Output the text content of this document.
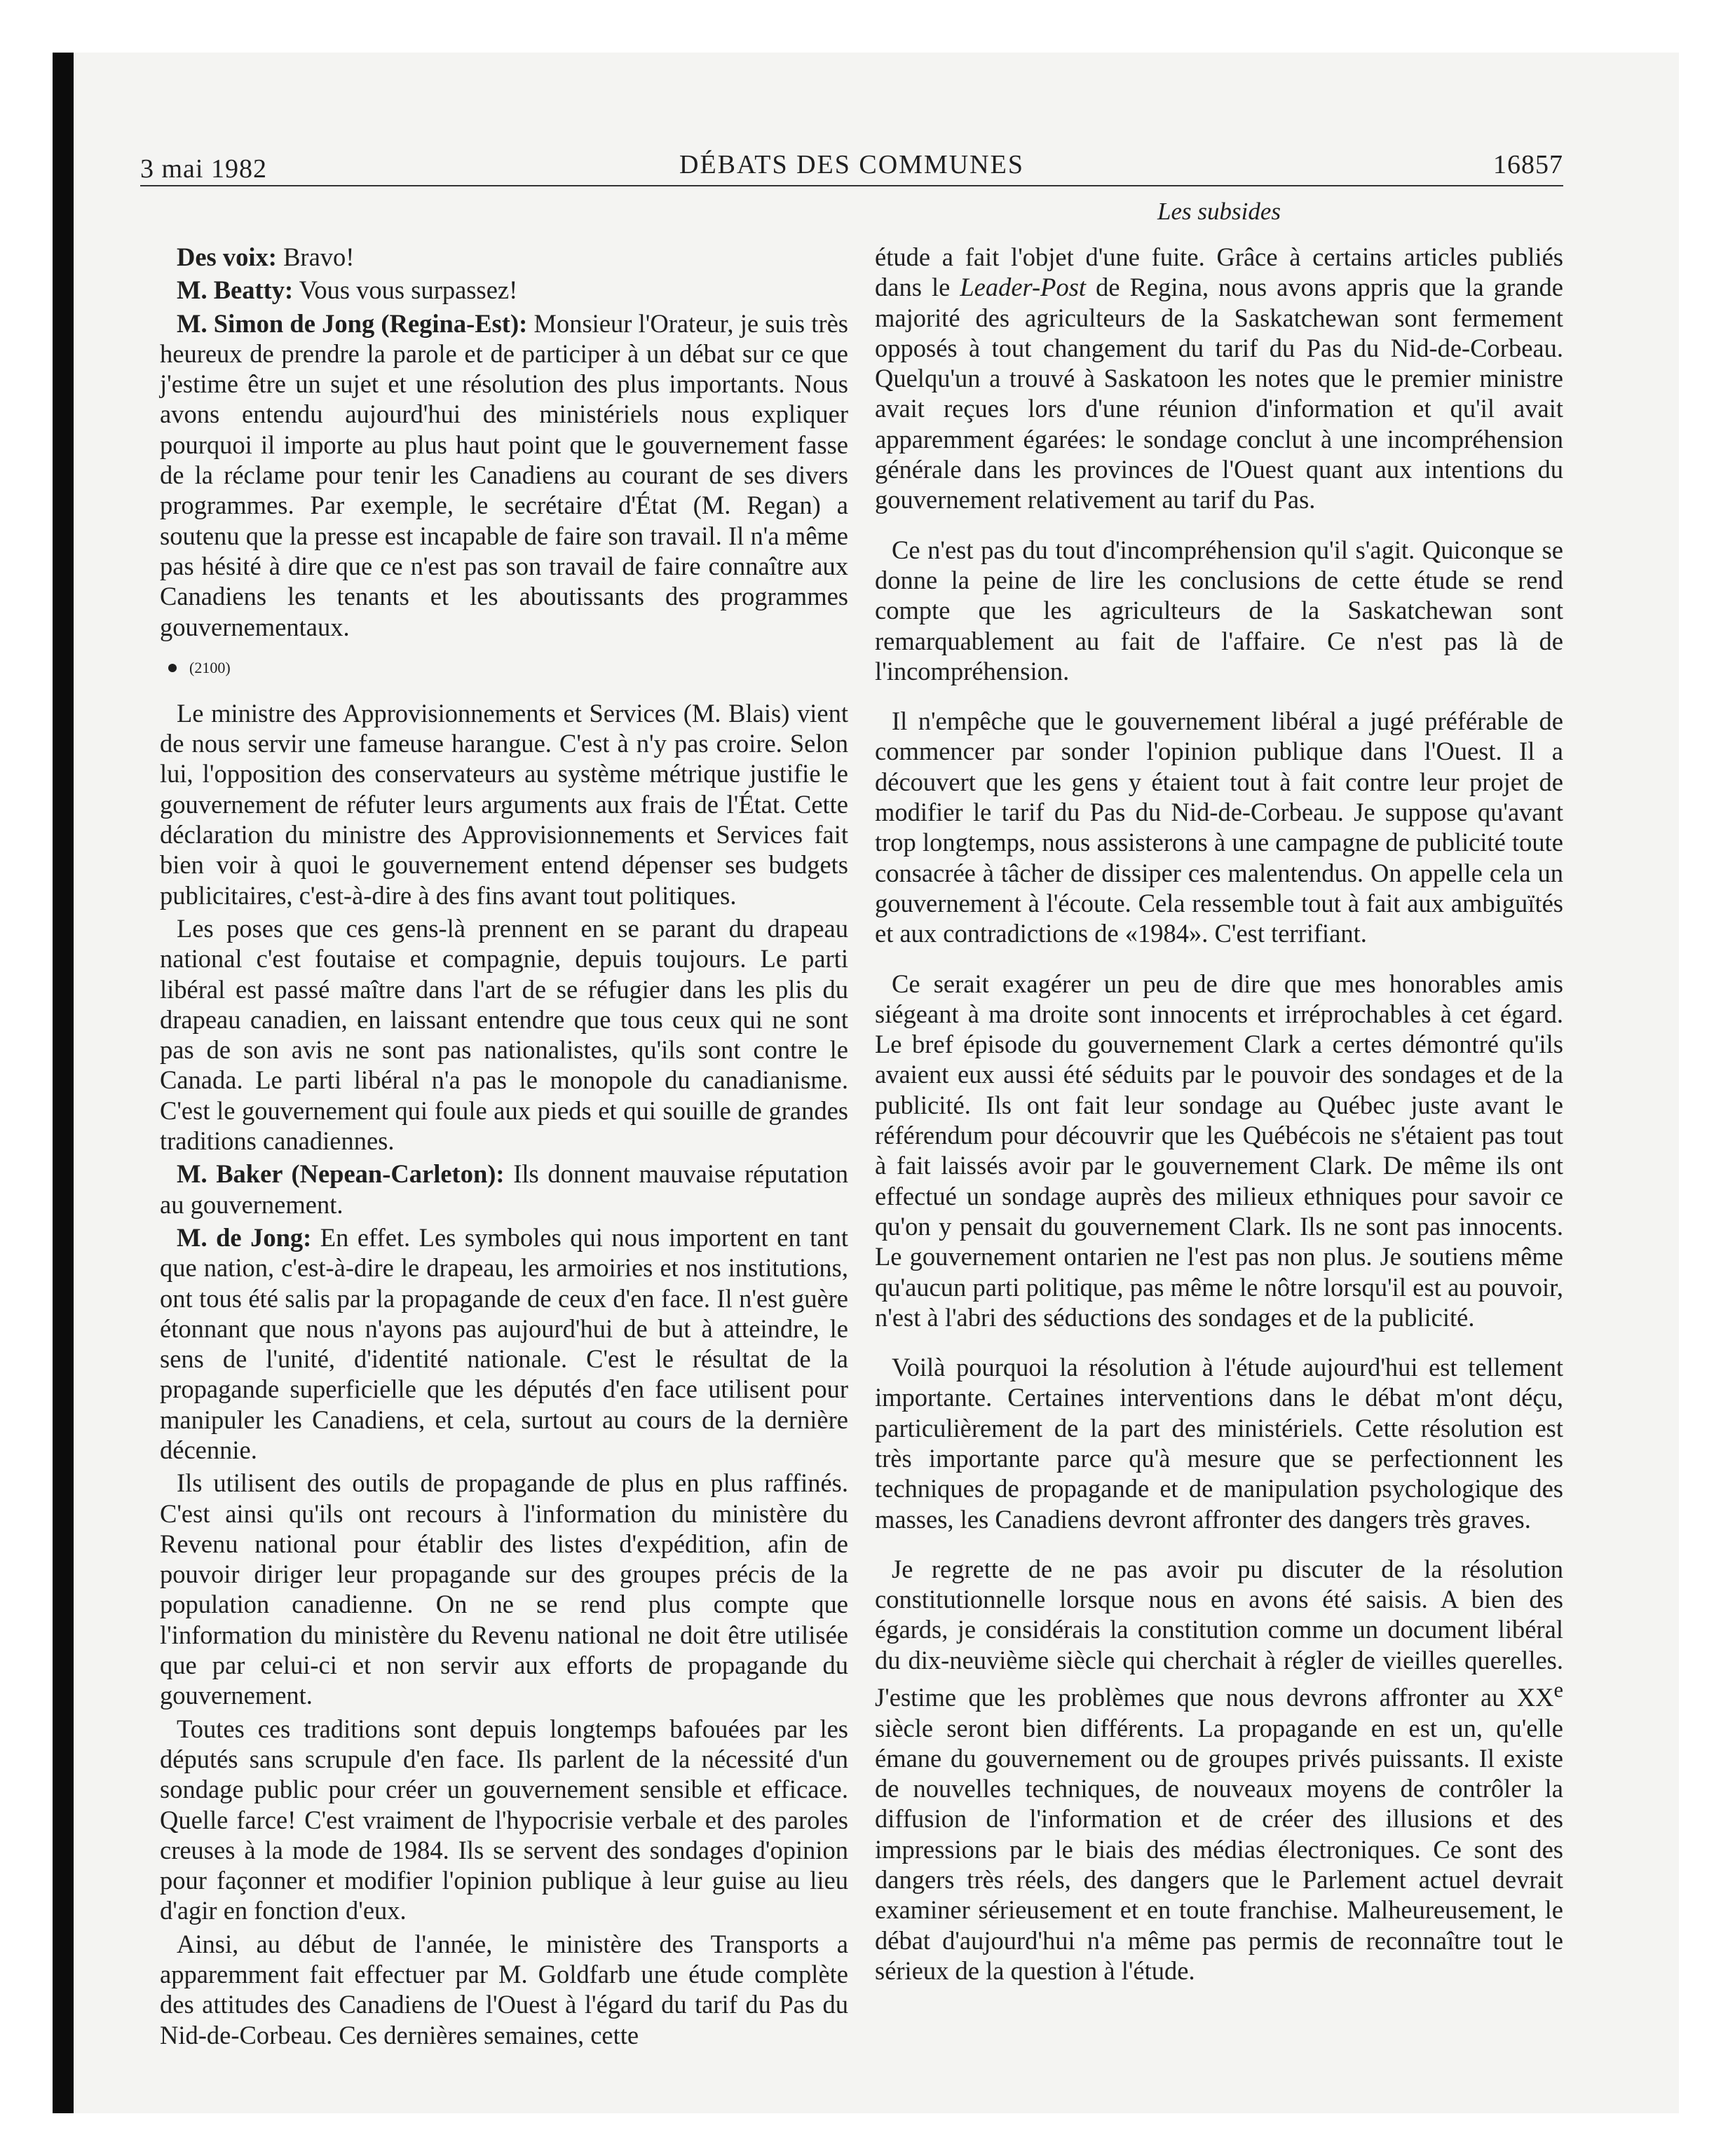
3 mai 1982	DÉBATS DES COMMUNES	16857
Les subsides

Des voix: Bravo!

M. Beatty: Vous vous surpassez!

M. Simon de Jong (Regina-Est): Monsieur l'Orateur, je suis très heureux de prendre la parole et de participer à un débat sur ce que j'estime être un sujet et une résolution des plus importants. Nous avons entendu aujourd'hui des ministériels nous expliquer pourquoi il importe au plus haut point que le gouvernement fasse de la réclame pour tenir les Canadiens au courant de ses divers programmes. Par exemple, le secrétaire d'État (M. Regan) a soutenu que la presse est incapable de faire son travail. Il n'a même pas hésité à dire que ce n'est pas son travail de faire connaître aux Canadiens les tenants et les aboutissants des programmes gouvernementaux.

(2100)

Le ministre des Approvisionnements et Services (M. Blais) vient de nous servir une fameuse harangue. C'est à n'y pas croire. Selon lui, l'opposition des conservateurs au système métrique justifie le gouvernement de réfuter leurs arguments aux frais de l'État. Cette déclaration du ministre des Approvisionnements et Services fait bien voir à quoi le gouvernement entend dépenser ses budgets publicitaires, c'est-à-dire à des fins avant tout politiques.

Les poses que ces gens-là prennent en se parant du drapeau national c'est foutaise et compagnie, depuis toujours. Le parti libéral est passé maître dans l'art de se réfugier dans les plis du drapeau canadien, en laissant entendre que tous ceux qui ne sont pas de son avis ne sont pas nationalistes, qu'ils sont contre le Canada. Le parti libéral n'a pas le monopole du canadianisme. C'est le gouvernement qui foule aux pieds et qui souille de grandes traditions canadiennes.

M. Baker (Nepean-Carleton): Ils donnent mauvaise réputation au gouvernement.

M. de Jong: En effet. Les symboles qui nous importent en tant que nation, c'est-à-dire le drapeau, les armoiries et nos institutions, ont tous été salis par la propagande de ceux d'en face. Il n'est guère étonnant que nous n'ayons pas aujourd'hui de but à atteindre, le sens de l'unité, d'identité nationale. C'est le résultat de la propagande superficielle que les députés d'en face utilisent pour manipuler les Canadiens, et cela, surtout au cours de la dernière décennie.

Ils utilisent des outils de propagande de plus en plus raffinés. C'est ainsi qu'ils ont recours à l'information du ministère du Revenu national pour établir des listes d'expédition, afin de pouvoir diriger leur propagande sur des groupes précis de la population canadienne. On ne se rend plus compte que l'information du ministère du Revenu national ne doit être utilisée que par celui-ci et non servir aux efforts de propagande du gouvernement.

Toutes ces traditions sont depuis longtemps bafouées par les députés sans scrupule d'en face. Ils parlent de la nécessité d'un sondage public pour créer un gouvernement sensible et efficace. Quelle farce! C'est vraiment de l'hypocrisie verbale et des paroles creuses à la mode de 1984. Ils se servent des sondages d'opinion pour façonner et modifier l'opinion publique à leur guise au lieu d'agir en fonction d'eux.

Ainsi, au début de l'année, le ministère des Transports a apparemment fait effectuer par M. Goldfarb une étude complète des attitudes des Canadiens de l'Ouest à l'égard du tarif du Pas du Nid-de-Corbeau. Ces dernières semaines, cette

étude a fait l'objet d'une fuite. Grâce à certains articles publiés dans le Leader-Post de Regina, nous avons appris que la grande majorité des agriculteurs de la Saskatchewan sont fermement opposés à tout changement du tarif du Pas du Nid-de-Corbeau. Quelqu'un a trouvé à Saskatoon les notes que le premier ministre avait reçues lors d'une réunion d'information et qu'il avait apparemment égarées: le sondage conclut à une incompréhension générale dans les provinces de l'Ouest quant aux intentions du gouvernement relativement au tarif du Pas.

Ce n'est pas du tout d'incompréhension qu'il s'agit. Quiconque se donne la peine de lire les conclusions de cette étude se rend compte que les agriculteurs de la Saskatchewan sont remarquablement au fait de l'affaire. Ce n'est pas là de l'incompréhension.

Il n'empêche que le gouvernement libéral a jugé préférable de commencer par sonder l'opinion publique dans l'Ouest. Il a découvert que les gens y étaient tout à fait contre leur projet de modifier le tarif du Pas du Nid-de-Corbeau. Je suppose qu'avant trop longtemps, nous assisterons à une campagne de publicité toute consacrée à tâcher de dissiper ces malentendus. On appelle cela un gouvernement à l'écoute. Cela ressemble tout à fait aux ambiguïtés et aux contradictions de «1984». C'est terrifiant.

Ce serait exagérer un peu de dire que mes honorables amis siégeant à ma droite sont innocents et irréprochables à cet égard. Le bref épisode du gouvernement Clark a certes démontré qu'ils avaient eux aussi été séduits par le pouvoir des sondages et de la publicité. Ils ont fait leur sondage au Québec juste avant le référendum pour découvrir que les Québécois ne s'étaient pas tout à fait laissés avoir par le gouvernement Clark. De même ils ont effectué un sondage auprès des milieux ethniques pour savoir ce qu'on y pensait du gouvernement Clark. Ils ne sont pas innocents. Le gouvernement ontarien ne l'est pas non plus. Je soutiens même qu'aucun parti politique, pas même le nôtre lorsqu'il est au pouvoir, n'est à l'abri des séductions des sondages et de la publicité.

Voilà pourquoi la résolution à l'étude aujourd'hui est tellement importante. Certaines interventions dans le débat m'ont déçu, particulièrement de la part des ministériels. Cette résolution est très importante parce qu'à mesure que se perfectionnent les techniques de propagande et de manipulation psychologique des masses, les Canadiens devront affronter des dangers très graves.

Je regrette de ne pas avoir pu discuter de la résolution constitutionnelle lorsque nous en avons été saisis. A bien des égards, je considérais la constitution comme un document libéral du dix-neuvième siècle qui cherchait à régler de vieilles querelles. J'estime que les problèmes que nous devrons affronter au XXe siècle seront bien différents. La propagande en est un, qu'elle émane du gouvernement ou de groupes privés puissants. Il existe de nouvelles techniques, de nouveaux moyens de contrôler la diffusion de l'information et de créer des illusions et des impressions par le biais des médias électroniques. Ce sont des dangers très réels, des dangers que le Parlement actuel devrait examiner sérieusement et en toute franchise. Malheureusement, le débat d'aujourd'hui n'a même pas permis de reconnaître tout le sérieux de la question à l'étude.
